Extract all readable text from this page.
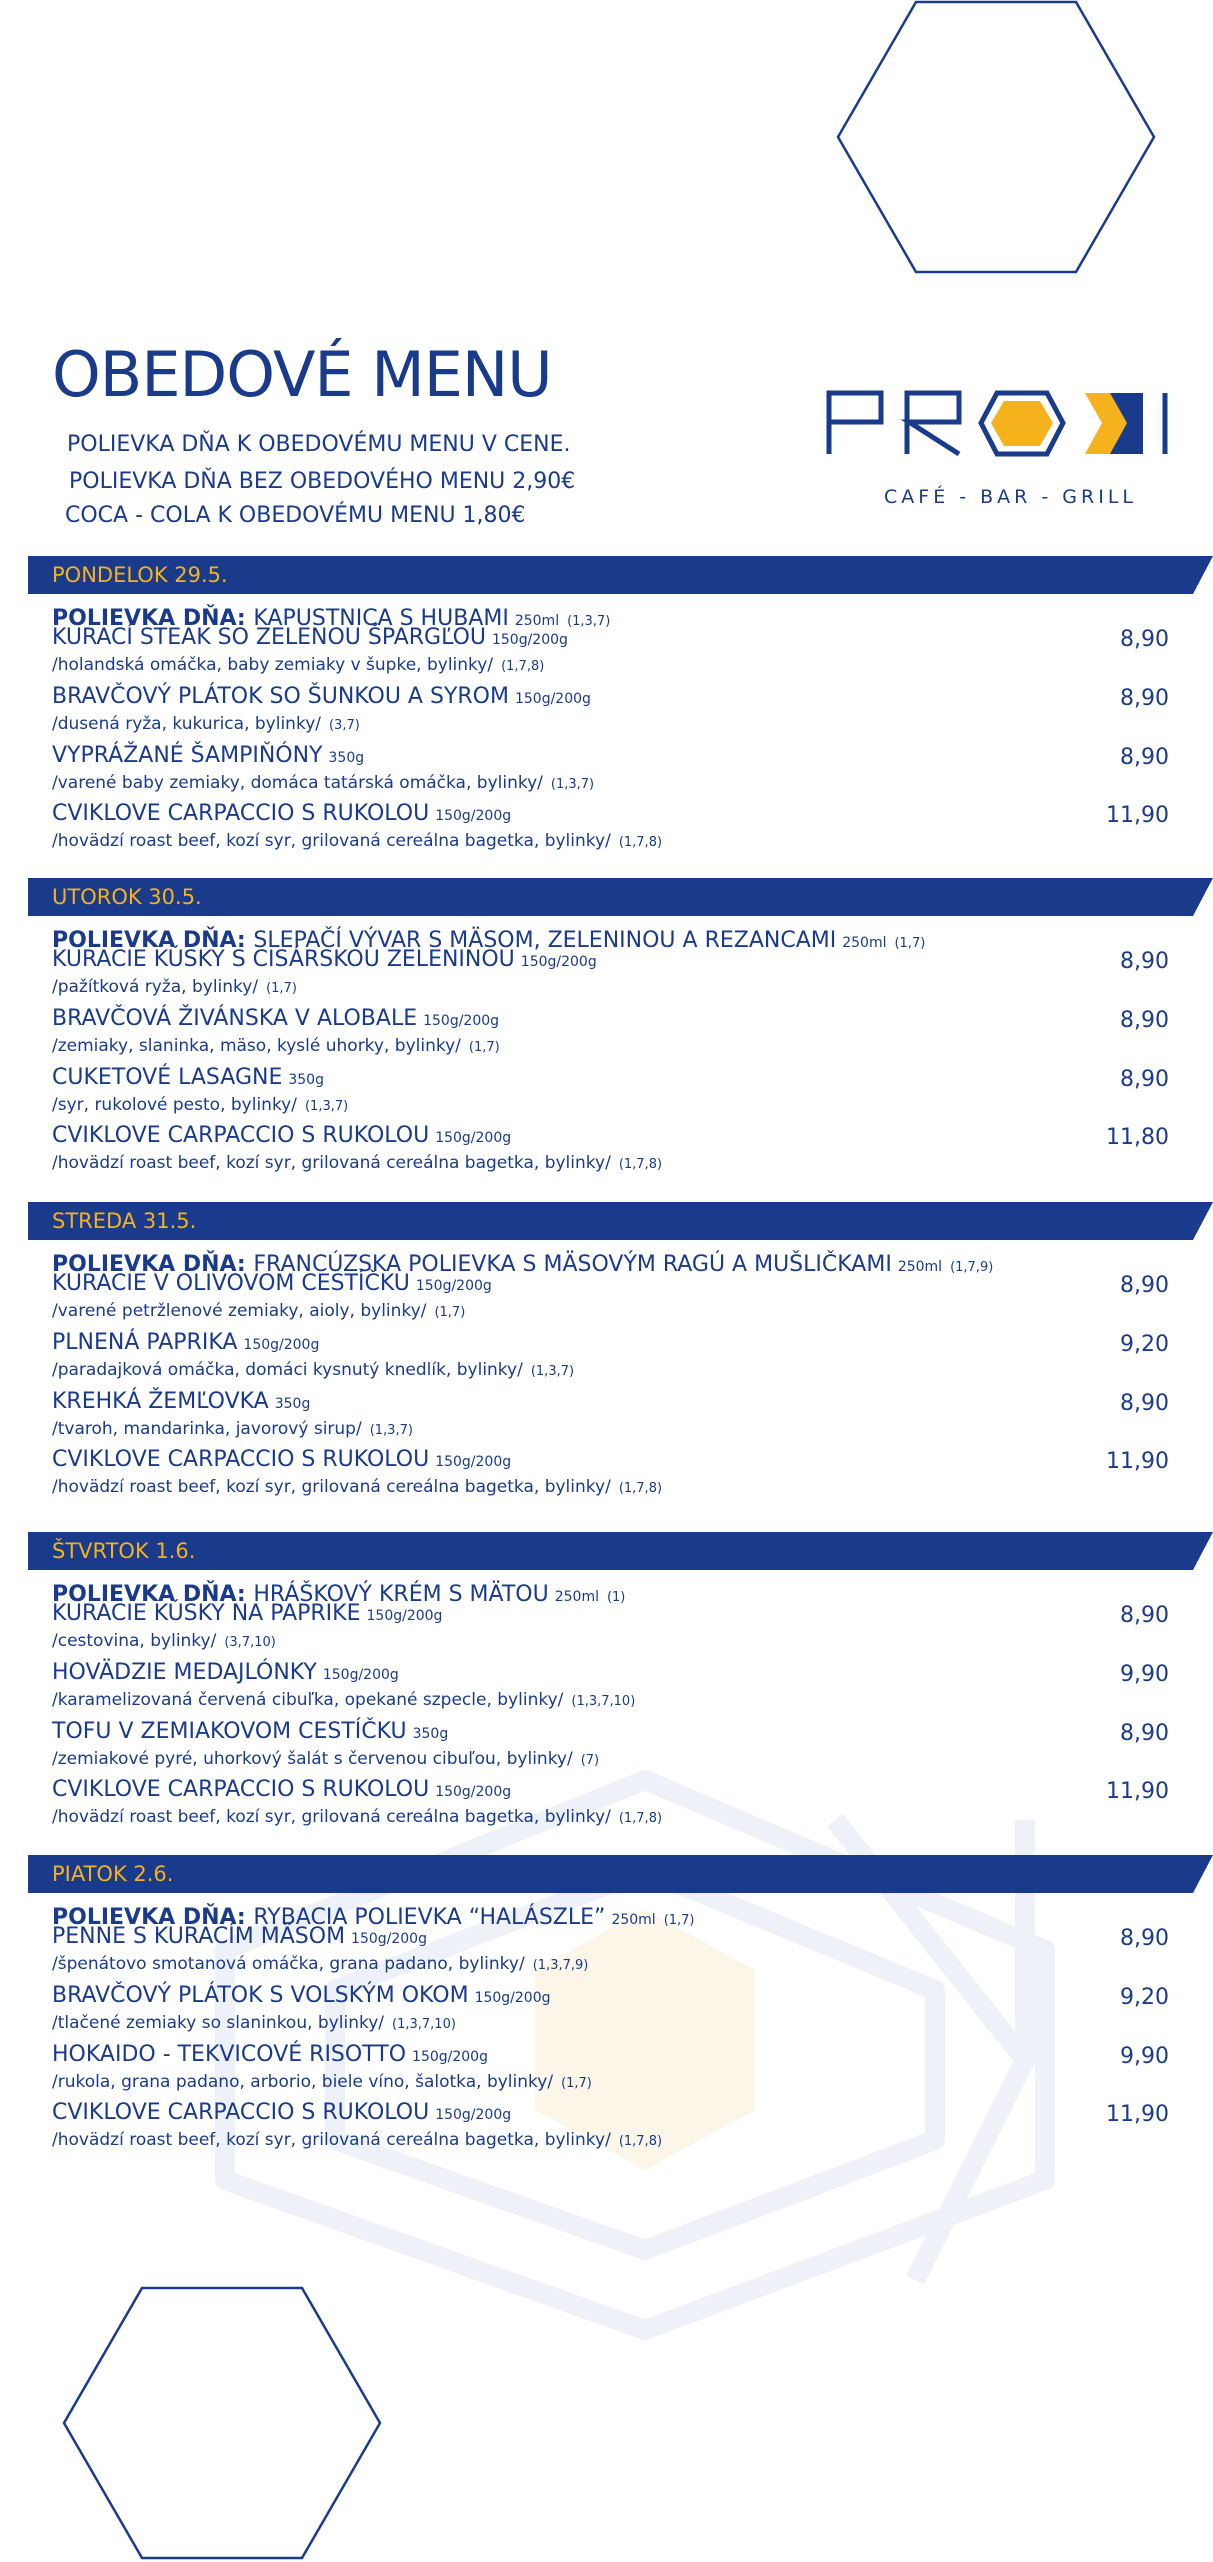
OBEDOVÉ MENU
POLIEVKA DŇA K OBEDOVÉMU MENU V CENE.
POLIEVKA DŇA BEZ OBEDOVÉHO MENU 2,90€
COCA - COLA K OBEDOVÉMU MENU 1,80€
CAFÉ - BAR - GRILL
PONDELOK 29.5.
POLIEVKA DŇA: KAPUSTNICA S HUBAMI 250ml (1,3,7)
KURACÍ STEAK SO ZELENOU ŠPARGĽOU 150g/200g
/holandská omáčka, baby zemiaky v šupke, bylinky/ (1,7,8)
8,90
BRAVČOVÝ PLÁTOK SO ŠUNKOU A SYROM 150g/200g
/dusená ryža, kukurica, bylinky/ (3,7)
8,90
VYPRÁŽANÉ ŠAMPIŇÓNY 350g
/varené baby zemiaky, domáca tatárská omáčka, bylinky/ (1,3,7)
8,90
CVIKLOVE CARPACCIO S RUKOLOU 150g/200g
/hovädzí roast beef, kozí syr, grilovaná cereálna bagetka, bylinky/ (1,7,8)
11,90
UTOROK 30.5.
POLIEVKA DŇA: SLEPAČÍ VÝVAR S MÄSOM, ZELENINOU A REZANCAMI 250ml (1,7)
KURACIE KÚSKY S CISÁRSKOU ZELENINOU 150g/200g
/pažítková ryža, bylinky/ (1,7)
8,90
BRAVČOVÁ ŽIVÁNSKA V ALOBALE 150g/200g
/zemiaky, slaninka, mäso, kyslé uhorky, bylinky/ (1,7)
8,90
CUKETOVÉ LASAGNE 350g
/syr, rukolové pesto, bylinky/ (1,3,7)
8,90
CVIKLOVE CARPACCIO S RUKOLOU 150g/200g
/hovädzí roast beef, kozí syr, grilovaná cereálna bagetka, bylinky/ (1,7,8)
11,80
STREDA 31.5.
POLIEVKA DŇA: FRANCÚZSKA POLIEVKA S MÄSOVÝM RAGÚ A MUŠLIČKAMI 250ml (1,7,9)
KURACIE V OLIVOVOM CESTÍČKU 150g/200g
/varené petržlenové zemiaky, aioly, bylinky/ (1,7)
8,90
PLNENÁ PAPRIKA 150g/200g
/paradajková omáčka, domáci kysnutý knedlík, bylinky/ (1,3,7)
9,20
KREHKÁ ŽEMĽOVKA 350g
/tvaroh, mandarinka, javorový sirup/ (1,3,7)
8,90
CVIKLOVE CARPACCIO S RUKOLOU 150g/200g
/hovädzí roast beef, kozí syr, grilovaná cereálna bagetka, bylinky/ (1,7,8)
11,90
ŠTVRTOK 1.6.
POLIEVKA DŇA: HRÁŠKOVÝ KRÉM S MÄTOU 250ml (1)
KURACIE KÚSKY NA PAPRIKE 150g/200g
/cestovina, bylinky/ (3,7,10)
8,90
HOVÄDZIE MEDAJLÓNKY 150g/200g
/karamelizovaná červená cibuľka, opekané szpecle, bylinky/ (1,3,7,10)
9,90
TOFU V ZEMIAKOVOM CESTÍČKU 350g
/zemiakové pyré, uhorkový šalát s červenou cibuľou, bylinky/ (7)
8,90
CVIKLOVE CARPACCIO S RUKOLOU 150g/200g
/hovädzí roast beef, kozí syr, grilovaná cereálna bagetka, bylinky/ (1,7,8)
11,90
PIATOK 2.6.
POLIEVKA DŇA: RYBACIA POLIEVKA “HALÁSZLE” 250ml (1,7)
PENNE S KURACÍM MÄSOM 150g/200g
/špenátovo smotanová omáčka, grana padano, bylinky/ (1,3,7,9)
8,90
BRAVČOVÝ PLÁTOK S VOLSKÝM OKOM 150g/200g
/tlačené zemiaky so slaninkou, bylinky/ (1,3,7,10)
9,20
HOKAIDO - TEKVICOVÉ RISOTTO 150g/200g
/rukola, grana padano, arborio, biele víno, šalotka, bylinky/ (1,7)
9,90
CVIKLOVE CARPACCIO S RUKOLOU 150g/200g
/hovädzí roast beef, kozí syr, grilovaná cereálna bagetka, bylinky/ (1,7,8)
11,90
